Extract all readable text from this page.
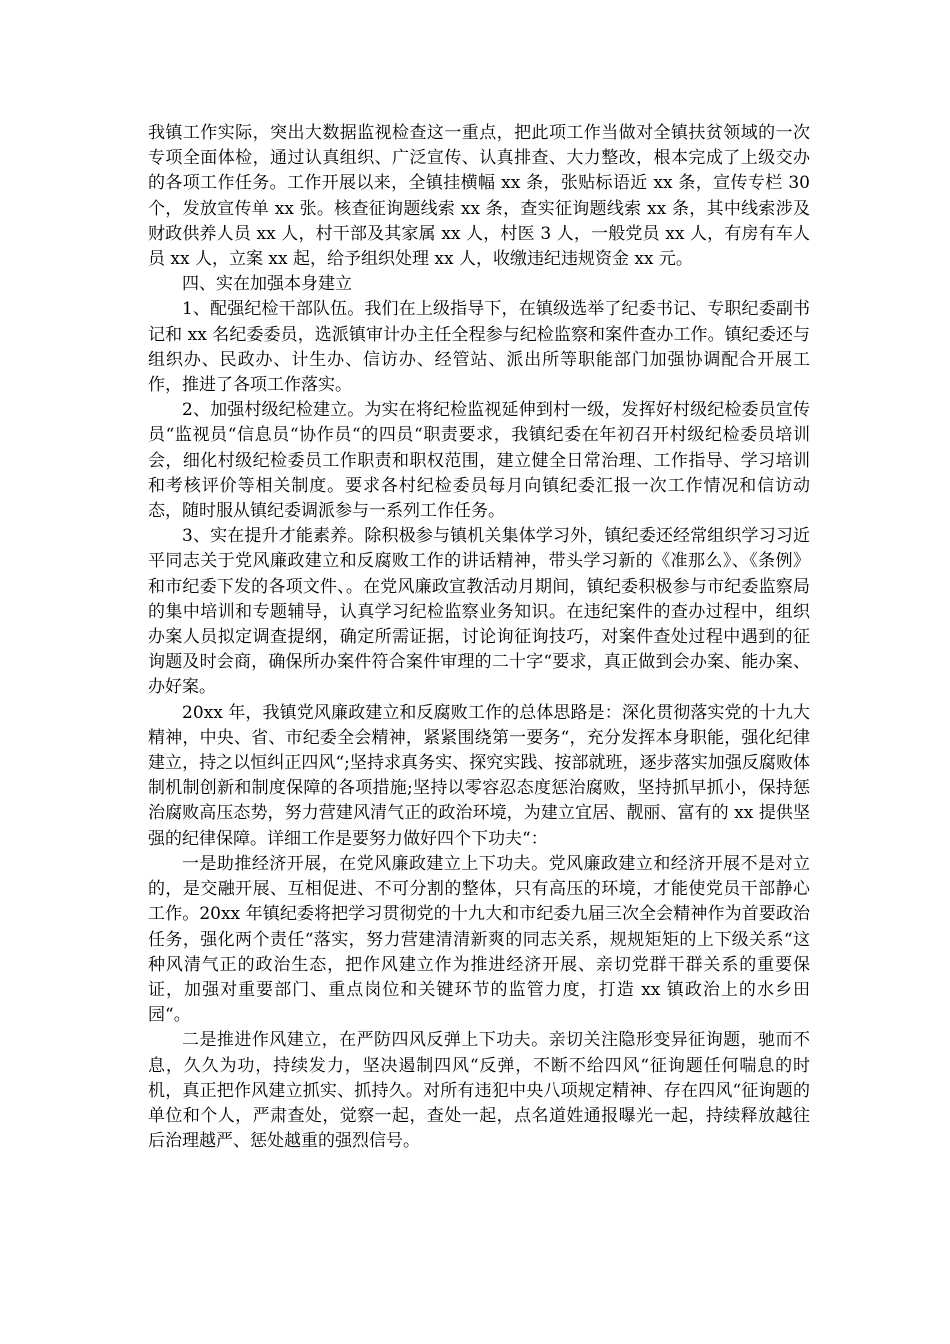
我镇工作实际，突出大数据监视检查这一重点，把此项工作当做对全镇扶贫领域的一次专项全面体检，通过认真组织、广泛宣传、认真排查、大力整改，根本完成了上级交办的各项工作任务。工作开展以来，全镇挂横幅 xx 条，张贴标语近 xx 条，宣传专栏 30 个，发放宣传单 xx 张。核查征询题线索 xx 条，查实征询题线索 xx 条，其中线索涉及财政供养人员 xx 人，村干部及其家属 xx 人，村医 3 人，一般党员 xx 人，有房有车人员 xx 人，立案 xx 起，给予组织处理 xx 人，收缴违纪违规资金 xx 元。

四、实在加强本身建立

1、配强纪检干部队伍。我们在上级指导下，在镇级选举了纪委书记、专职纪委副书记和 xx 名纪委委员，选派镇审计办主任全程参与纪检监察和案件查办工作。镇纪委还与组织办、民政办、计生办、信访办、经管站、派出所等职能部门加强协调配合开展工作，推进了各项工作落实。

2、加强村级纪检建立。为实在将纪检监视延伸到村一级，发挥好村级纪检委员宣传员“监视员“信息员“协作员“的四员“职责要求，我镇纪委在年初召开村级纪检委员培训会，细化村级纪检委员工作职责和职权范围，建立健全日常治理、工作指导、学习培训和考核评价等相关制度。要求各村纪检委员每月向镇纪委汇报一次工作情况和信访动态，随时服从镇纪委调派参与一系列工作任务。

3、实在提升才能素养。除积极参与镇机关集体学习外，镇纪委还经常组织学习习近平同志关于党风廉政建立和反腐败工作的讲话精神，带头学习新的《准那么》、《条例》和市纪委下发的各项文件、。在党风廉政宣教活动月期间，镇纪委积极参与市纪委监察局的集中培训和专题辅导，认真学习纪检监察业务知识。在违纪案件的查办过程中，组织办案人员拟定调查提纲，确定所需证据，讨论询征询技巧，对案件查处过程中遇到的征询题及时会商，确保所办案件符合案件审理的二十字“要求，真正做到会办案、能办案、办好案。

20xx 年，我镇党风廉政建立和反腐败工作的总体思路是：深化贯彻落实党的十九大精神，中央、省、市纪委全会精神，紧紧围绕第一要务“，充分发挥本身职能，强化纪律建立，持之以恒纠正四风“;坚持求真务实、探究实践、按部就班，逐步落实加强反腐败体制机制创新和制度保障的各项措施;坚持以零容忍态度惩治腐败，坚持抓早抓小，保持惩治腐败高压态势，努力营建风清气正的政治环境，为建立宜居、靓丽、富有的 xx 提供坚强的纪律保障。详细工作是要努力做好四个下功夫“：

一是助推经济开展，在党风廉政建立上下功夫。党风廉政建立和经济开展不是对立的，是交融开展、互相促进、不可分割的整体，只有高压的环境，才能使党员干部静心工作。20xx 年镇纪委将把学习贯彻党的十九大和市纪委九届三次全会精神作为首要政治任务，强化两个责任“落实，努力营建清清新爽的同志关系，规规矩矩的上下级关系“这种风清气正的政治生态，把作风建立作为推进经济开展、亲切党群干群关系的重要保证，加强对重要部门、重点岗位和关键环节的监管力度，打造 xx 镇政治上的水乡田园“。

二是推进作风建立，在严防四风反弹上下功夫。亲切关注隐形变异征询题，驰而不息，久久为功，持续发力，坚决遏制四风“反弹，不断不给四风“征询题任何喘息的时机，真正把作风建立抓实、抓持久。对所有违犯中央八项规定精神、存在四风“征询题的单位和个人，严肃查处，觉察一起，查处一起，点名道姓通报曝光一起，持续释放越往后治理越严、惩处越重的强烈信号。
